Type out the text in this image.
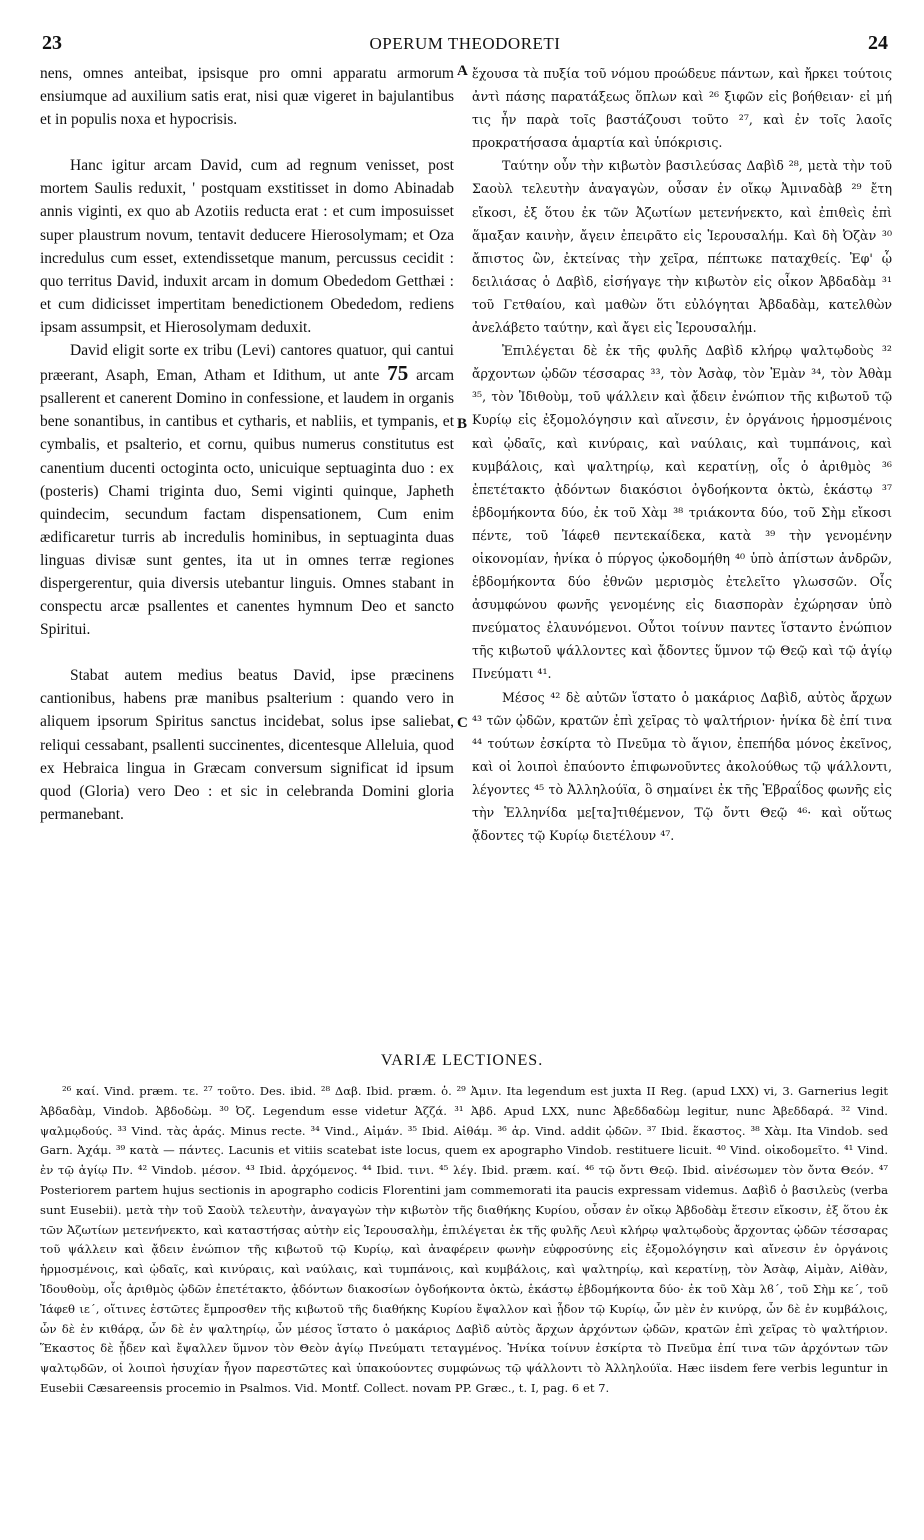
23	OPERUM THEODORETI	24

nens, omnes anteibat, ipsisque pro omni apparatu armorum ensiumque ad auxilium satis erat, nisi quæ vigeret in bajulantibus et in populis noxa et hypocrisis.

Hanc igitur arcam David, cum ad regnum venisset, post mortem Saulis reduxit, ' postquam exstitisset in domo Abinadab annis viginti, ex quo ab Azotiis reducta erat : et cum imposuisset super plaustrum novum, tentavit deducere Hierosolymam; et Oza incredulus cum esset, extendissetque manum, percussus cecidit : quo territus David, induxit arcam in domum Obededom Getthæi : et cum didicisset impertitam benedictionem Obededom, rediens ipsam assumpsit, et Hierosolymam deduxit.

David eligit sorte ex tribu (Levi) cantores quatuor, qui cantui præerant, Asaph, Eman, Atham et Idithum, ut ante 75 arcam psallerent et canerent Domino in confessione, et laudem in organis bene sonantibus, in cantibus et cytharis, et nabliis, et tympanis, et cymbalis, et psalterio, et cornu, quibus numerus constitutus est canentium ducenti octoginta octo, unicuique septuaginta duo : ex (posteris) Chami triginta duo, Semi viginti quinque, Japheth quindecim, secundum factam dispensationem, Cum enim ædificaretur turris ab incredulis hominibus, in septuaginta duas linguas divisæ sunt gentes, ita ut in omnes terræ regiones dispergerentur, quia diversis utebantur linguis. Omnes stabant in conspectu arcæ psallentes et canentes hymnum Deo et sancto Spiritui.

Stabat autem medius beatus David, ipse præcinens cantionibus, habens præ manibus psalterium : quando vero in aliquem ipsorum Spiritus sanctus incidebat, solus ipse saliebat, reliqui cessabant, psallenti succinentes, dicentesque Alleluia, quod ex Hebraica lingua in Græcam conversum significat id ipsum quod (Gloria) vero Deo : et sic in celebranda Domini gloria permanebant.

A
B
C

ἔχουσα τὰ πυξία τοῦ νόμου προώδευε πάντων, καὶ ἤρκει τούτοις ἀντὶ πάσης παρατάξεως ὅπλων καὶ ²⁶ ξιφῶν εἰς βοήθειαν· εἰ μή τις ἦν παρὰ τοῖς βαστάζουσι τοῦτο ²⁷, καὶ ἐν τοῖς λαοῖς προκρατήσασα ἁμαρτία καὶ ὑπόκρισις.

Ταύτην οὖν τὴν κιβωτὸν βασιλεύσας Δαβὶδ ²⁸, μετὰ τὴν τοῦ Σαοὺλ τελευτὴν ἀναγαγὼν, οὖσαν ἐν οἴκῳ Ἀμιναδὰβ ²⁹ ἔτη εἴκοσι, ἐξ ὅτου ἐκ τῶν Ἀζωτίων μετενήνεκτο, καὶ ἐπιθεὶς ἐπὶ ἅμαξαν καινὴν, ἄγειν ἐπειρᾶτο εἰς Ἱερουσαλήμ. Καὶ δὴ Ὀζὰν ³⁰ ἄπιστος ὢν, ἐκτείνας τὴν χεῖρα, πέπτωκε παταχθείς. Ἐφ' ᾧ δειλιάσας ὁ Δαβὶδ, εἰσήγαγε τὴν κιβωτὸν εἰς οἶκον Ἀβδαδὰμ ³¹ τοῦ Γετθαίου, καὶ μαθὼν ὅτι εὐλόγηται Ἀβδαδὰμ, κατελθὼν ἀνελάβετο ταύτην, καὶ ἄγει εἰς Ἱερουσαλήμ.

Ἐπιλέγεται δὲ ἐκ τῆς φυλῆς Δαβὶδ κλήρῳ ψαλτῳδοὺς ³² ἄρχοντων ᾠδῶν τέσσαρας ³³, τὸν Ἀσὰφ, τὸν Ἐμὰν ³⁴, τὸν Ἀθὰμ ³⁵, τὸν Ἰδιθοὺμ, τοῦ ψάλλειν καὶ ᾄδειν ἐνώπιον τῆς κιβωτοῦ τῷ Κυρίῳ εἰς ἐξομολόγησιν καὶ αἴνεσιν, ἐν ὀργάνοις ἡρμοσμένοις καὶ ᾠδαῖς, καὶ κινύραις, καὶ ναύλαις, καὶ τυμπάνοις, καὶ κυμβάλοις, καὶ ψαλτηρίῳ, καὶ κερατίνῃ, οἷς ὁ ἀριθμὸς ³⁶ ἐπετέτακτο ᾀδόντων διακόσιοι ὀγδοήκοντα ὀκτὼ, ἑκάστῳ ³⁷ ἑβδομήκοντα δύο, ἐκ τοῦ Χὰμ ³⁸ τριάκοντα δύο, τοῦ Σὴμ εἴκοσι πέντε, τοῦ Ἰάφεθ πεντεκαίδεκα, κατὰ ³⁹ τὴν γενομένην οἰκονομίαν, ἡνίκα ὁ πύργος ᾠκοδομήθη ⁴⁰ ὑπὸ ἀπίστων ἀνδρῶν, ἑβδομήκοντα δύο ἐθνῶν μερισμὸς ἐτελεῖτο γλωσσῶν. Οἷς ἀσυμφώνου φωνῆς γενομένης εἰς διασπορὰν ἐχώρησαν ὑπὸ πνεύματος ἐλαυνόμενοι. Οὗτοι τοίνυν παντες ἵσταντο ἐνώπιον τῆς κιβωτοῦ ψάλλοντες καὶ ᾄδοντες ὕμνον τῷ Θεῷ καὶ τῷ ἁγίῳ Πνεύματι ⁴¹.

Μέσος ⁴² δὲ αὐτῶν ἵστατο ὁ μακάριος Δαβὶδ, αὐτὸς ἄρχων ⁴³ τῶν ᾠδῶν, κρατῶν ἐπὶ χεῖρας τὸ ψαλτήριον· ἡνίκα δὲ ἐπί τινα ⁴⁴ τούτων ἐσκίρτα τὸ Πνεῦμα τὸ ἅγιον, ἐπεπήδα μόνος ἐκεῖνος, καὶ οἱ λοιποὶ ἐπαύοντο ἐπιφωνοῦντες ἀκολούθως τῷ ψάλλοντι, λέγοντες ⁴⁵ τὸ Ἀλληλούϊα, ὃ σημαίνει ἐκ τῆς Ἑβραΐδος φωνῆς εἰς τὴν Ἑλληνίδα με[τα]τιθέμενον, Τῷ ὄντι Θεῷ ⁴⁶· καὶ οὕτως ᾄδοντες τῷ Κυρίῳ διετέλουν ⁴⁷.

VARIÆ LECTIONES.
²⁶ καί. Vind. præm. τε. ²⁷ τοῦτο. Des. ibid. ²⁸ Δαβ. Ibid. præm. ὁ. ²⁹ Ἀμιν. Ita legendum est juxta II Reg. (apud LXX) vi, 3. Garnerius legit Ἀβδαδὰμ, Vindob. Ἀβδοδὼμ. ³⁰ Ὀζ. Legendum esse videtur Ἀζζά. ³¹ Ἀβδ. Apud LXX, nunc Ἀβεδδαδὼμ legitur, nunc Ἀβεδδαρά. ³² Vind. ψαλμῳδούς. ³³ Vind. τὰς ἀράς. Minus recte. ³⁴ Vind., Αἰμάν. ³⁵ Ibid. Αἰθάμ. ³⁶ ἀρ. Vind. addit ᾠδῶν. ³⁷ Ibid. ἕκαστος. ³⁸ Χὰμ. Ita Vindob. sed Garn. Ἀχάμ. ³⁹ κατὰ — πάντες. Lacunis et vitiis scatebat iste locus, quem ex apographo Vindob. restituere licuit. ⁴⁰ Vind. οἰκοδομεῖτο. ⁴¹ Vind. ἐν τῷ ἁγίῳ Πν. ⁴² Vindob. μέσον. ⁴³ Ibid. ἀρχόμενος. ⁴⁴ Ibid. τινι. ⁴⁵ λέγ. Ibid. præm. καί. ⁴⁶ τῷ ὄντι Θεῷ. Ibid. αἰνέσωμεν τὸν ὄντα Θεόν. ⁴⁷ Posteriorem partem hujus sectionis in apographo codicis Florentini jam commemorati ita paucis expressam videmus. Δαβὶδ ὁ βασιλεὺς (verba sunt Eusebii). μετὰ τὴν τοῦ Σαοὺλ τελευτὴν, ἀναγαγὼν τὴν κιβωτὸν τῆς διαθήκης Κυρίου, οὖσαν ἐν οἴκῳ Ἀβδοδὰμ ἔτεσιν εἴκοσιν, ἐξ ὅτου ἐκ τῶν Ἀζωτίων μετενήνεκτο, καὶ καταστήσας αὐτὴν εἰς Ἱερουσαλὴμ, ἐπιλέγεται ἐκ τῆς φυλῆς Λευὶ κλήρῳ ψαλτῳδοὺς ἄρχοντας ᾠδῶν τέσσαρας τοῦ ψάλλειν καὶ ᾄδειν ἐνώπιον τῆς κιβωτοῦ τῷ Κυρίῳ, καὶ ἀναφέρειν φωνὴν εὐφροσύνης εἰς ἐξομολόγησιν καὶ αἴνεσιν ἐν ὀργάνοις ἡρμοσμένοις, καὶ ᾠδαῖς, καὶ κινύραις, καὶ ναύλαις, καὶ τυμπάνοις, καὶ κυμβάλοις, καὶ ψαλτηρίῳ, καὶ κερατίνῃ, τὸν Ἀσὰφ, Αἰμὰν, Αἰθὰν, Ἰδουθοὺμ, οἷς ἀριθμὸς ᾠδῶν ἐπετέτακτο, ᾀδόντων διακοσίων ὀγδοήκοντα ὀκτὼ, ἑκάστῳ ἑβδομήκοντα δύο· ἐκ τοῦ Χὰμ λϐ΄, τοῦ Σὴμ κε΄, τοῦ Ἰάφεθ ιε΄, οἵτινες ἑστῶτες ἔμπροσθεν τῆς κιβωτοῦ τῆς διαθήκης Κυρίου ἔψαλλον καὶ ᾖδον τῷ Κυρίῳ, ὧν μὲν ἐν κινύρᾳ, ὧν δὲ ἐν κυμβάλοις, ὧν δὲ ἐν κιθάρᾳ, ὧν δὲ ἐν ψαλτηρίῳ, ὧν μέσος ἵστατο ὁ μακάριος Δαβὶδ αὐτὸς ἄρχων ἀρχόντων ᾠδῶν, κρατῶν ἐπὶ χεῖρας τὸ ψαλτήριον. Ἕκαστος δὲ ᾖδεν καὶ ἔψαλλεν ὕμνον τὸν Θεὸν ἁγίῳ Πνεύματι τεταγμένος. Ἡνίκα τοίνυν ἐσκίρτα τὸ Πνεῦμα ἐπί τινα τῶν ἀρχόντων τῶν ψαλτῳδῶν, οἱ λοιποὶ ἡσυχίαν ἦγον παρεστῶτες καὶ ὑπακούοντες συμφώνως τῷ ψάλλοντι τὸ Ἀλληλούϊα. Hæc iisdem fere verbis leguntur in Eusebii Cæsareensis procemio in Psalmos. Vid. Montf. Collect. novam PP. Græc., t. I, pag. 6 et 7.
